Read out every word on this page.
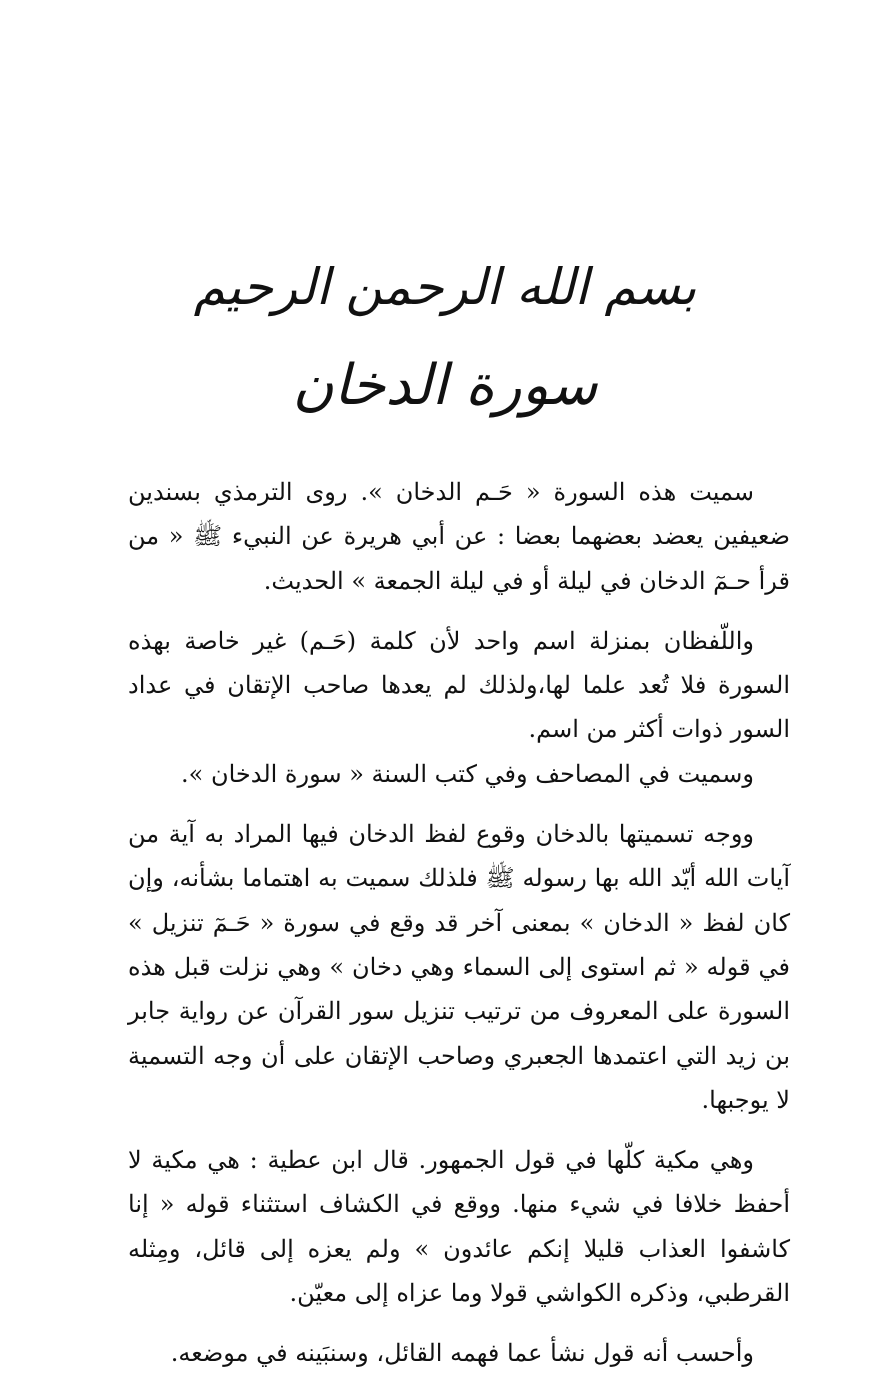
بسم الله الرحمن الرحيم
سورة الدخان

سميت هذه السورة « حَـم الدخان ». روى الترمذي بسندين ضعيفين يعضد بعضهما بعضا : عن أبي هريرة عن النبيء ﷺ « من قرأ حـمٓ الدخان في ليلة أو في ليلة الجمعة » الحديث.

واللّفظان بمنزلة اسم واحد لأن كلمة (حَـم) غير خاصة بهذه السورة فلا تُعد علما لها،ولذلك لم يعدها صاحب الإتقان في عداد السور ذوات أكثر من اسم.

وسميت في المصاحف وفي كتب السنة « سورة الدخان ».

ووجه تسميتها بالدخان وقوع لفظ الدخان فيها المراد به آية من آيات الله أيّد الله بها رسوله ﷺ فلذلك سميت به اهتماما بشأنه، وإن كان لفظ « الدخان » بمعنى آخر قد وقع في سورة « حَـمٓ تنزيل » في قوله « ثم استوى إلى السماء وهي دخان » وهي نزلت قبل هذه السورة على المعروف من ترتيب تنزيل سور القرآن عن رواية جابر بن زيد التي اعتمدها الجعبري وصاحب الإتقان على أن وجه التسمية لا يوجبها.

وهي مكية كلّها في قول الجمهور. قال ابن عطية : هي مكية لا أحفظ خلافا في شيء منها. ووقع في الكشاف استثناء قوله « إنا كاشفوا العذاب قليلا إنكم عائدون » ولم يعزه إلى قائل، ومِثله القرطبي، وذكره الكواشي قولا وما عزاه إلى معيّن.

وأحسب أنه قول نشأ عما فهمه القائل، وسنبَينه في موضعه.
